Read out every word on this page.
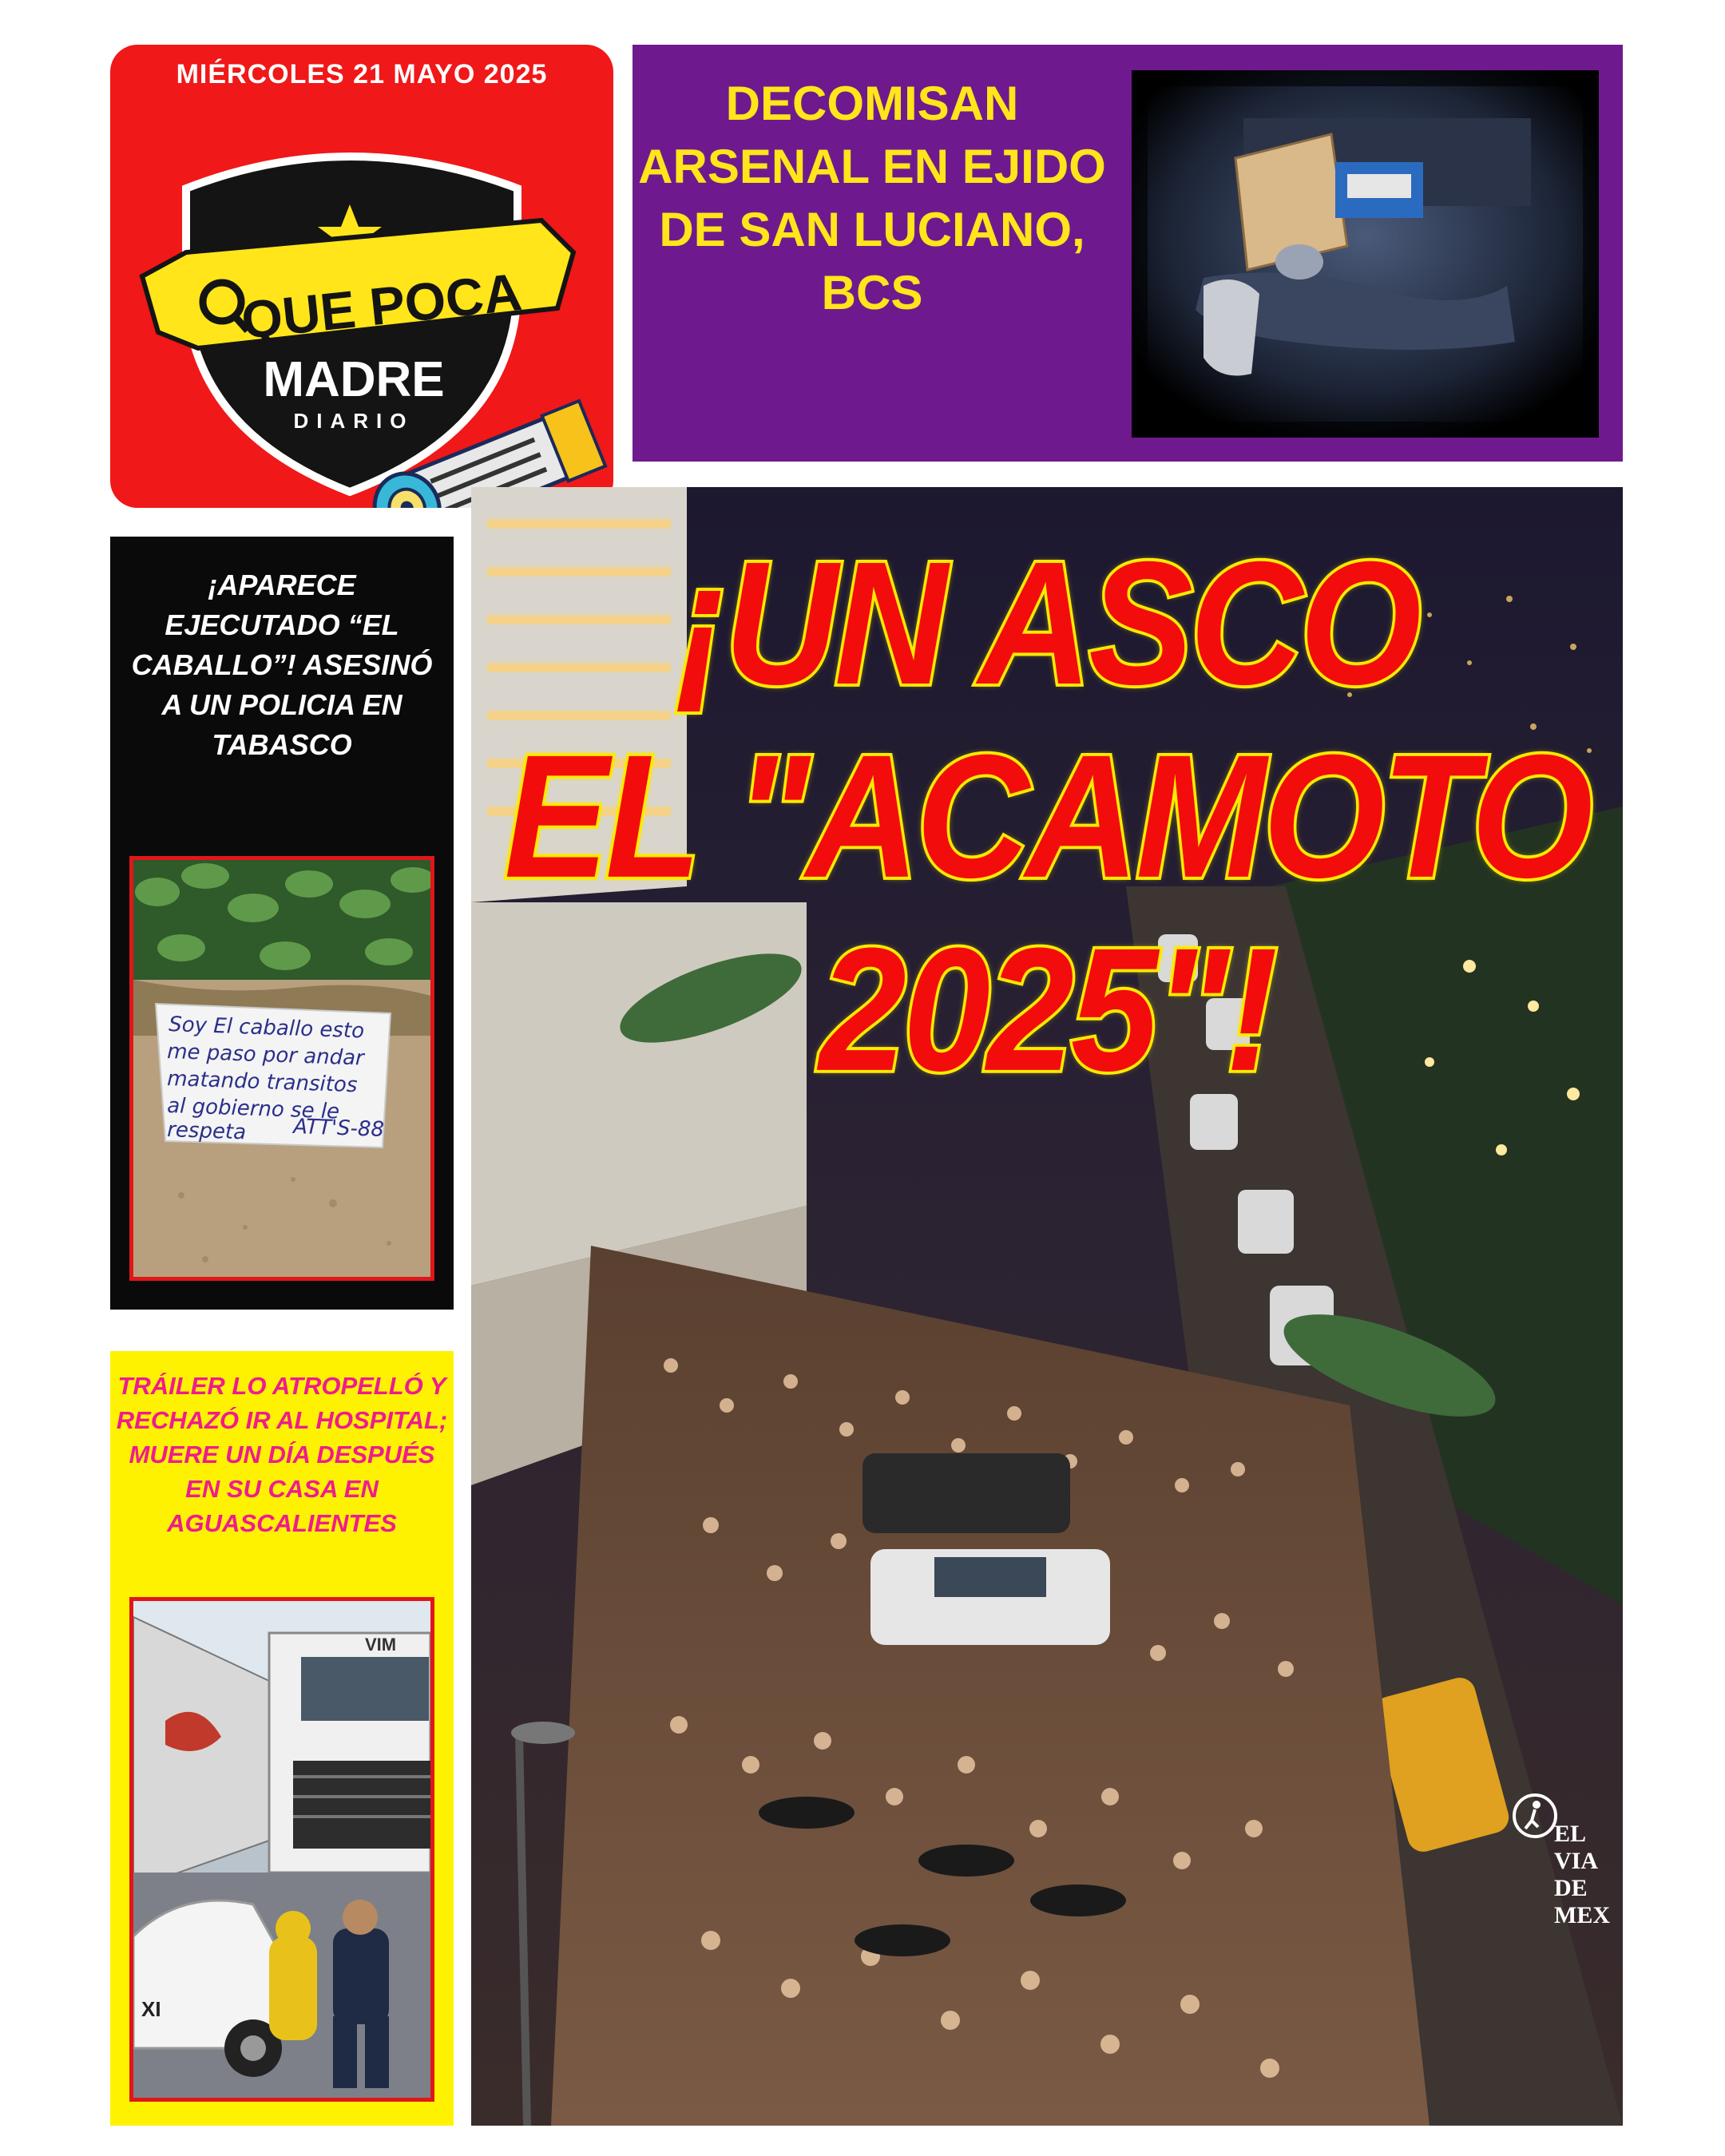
MIÉRCOLES 21 MAYO 2025
QUE POCA
MADRE
DIARIO
DECOMISAN ARSENAL EN EJIDO DE SAN LUCIANO, BCS
¡APARECE EJECUTADO “EL CABALLO”! ASESINÓ A UN POLICIA EN TABASCO
Soy El caballo esto
me paso por andar
matando transitos
al gobierno se le
respeta ATT'S-88
TRÁILER LO ATROPELLÓ Y RECHAZÓ IR AL HOSPITAL; MUERE UN DÍA DESPUÉS EN SU CASA EN AGUASCALIENTES
VIM
XI
¡UN ASCO
EL "ACAMOTO
2025"!
EL VIA
DE MEX
